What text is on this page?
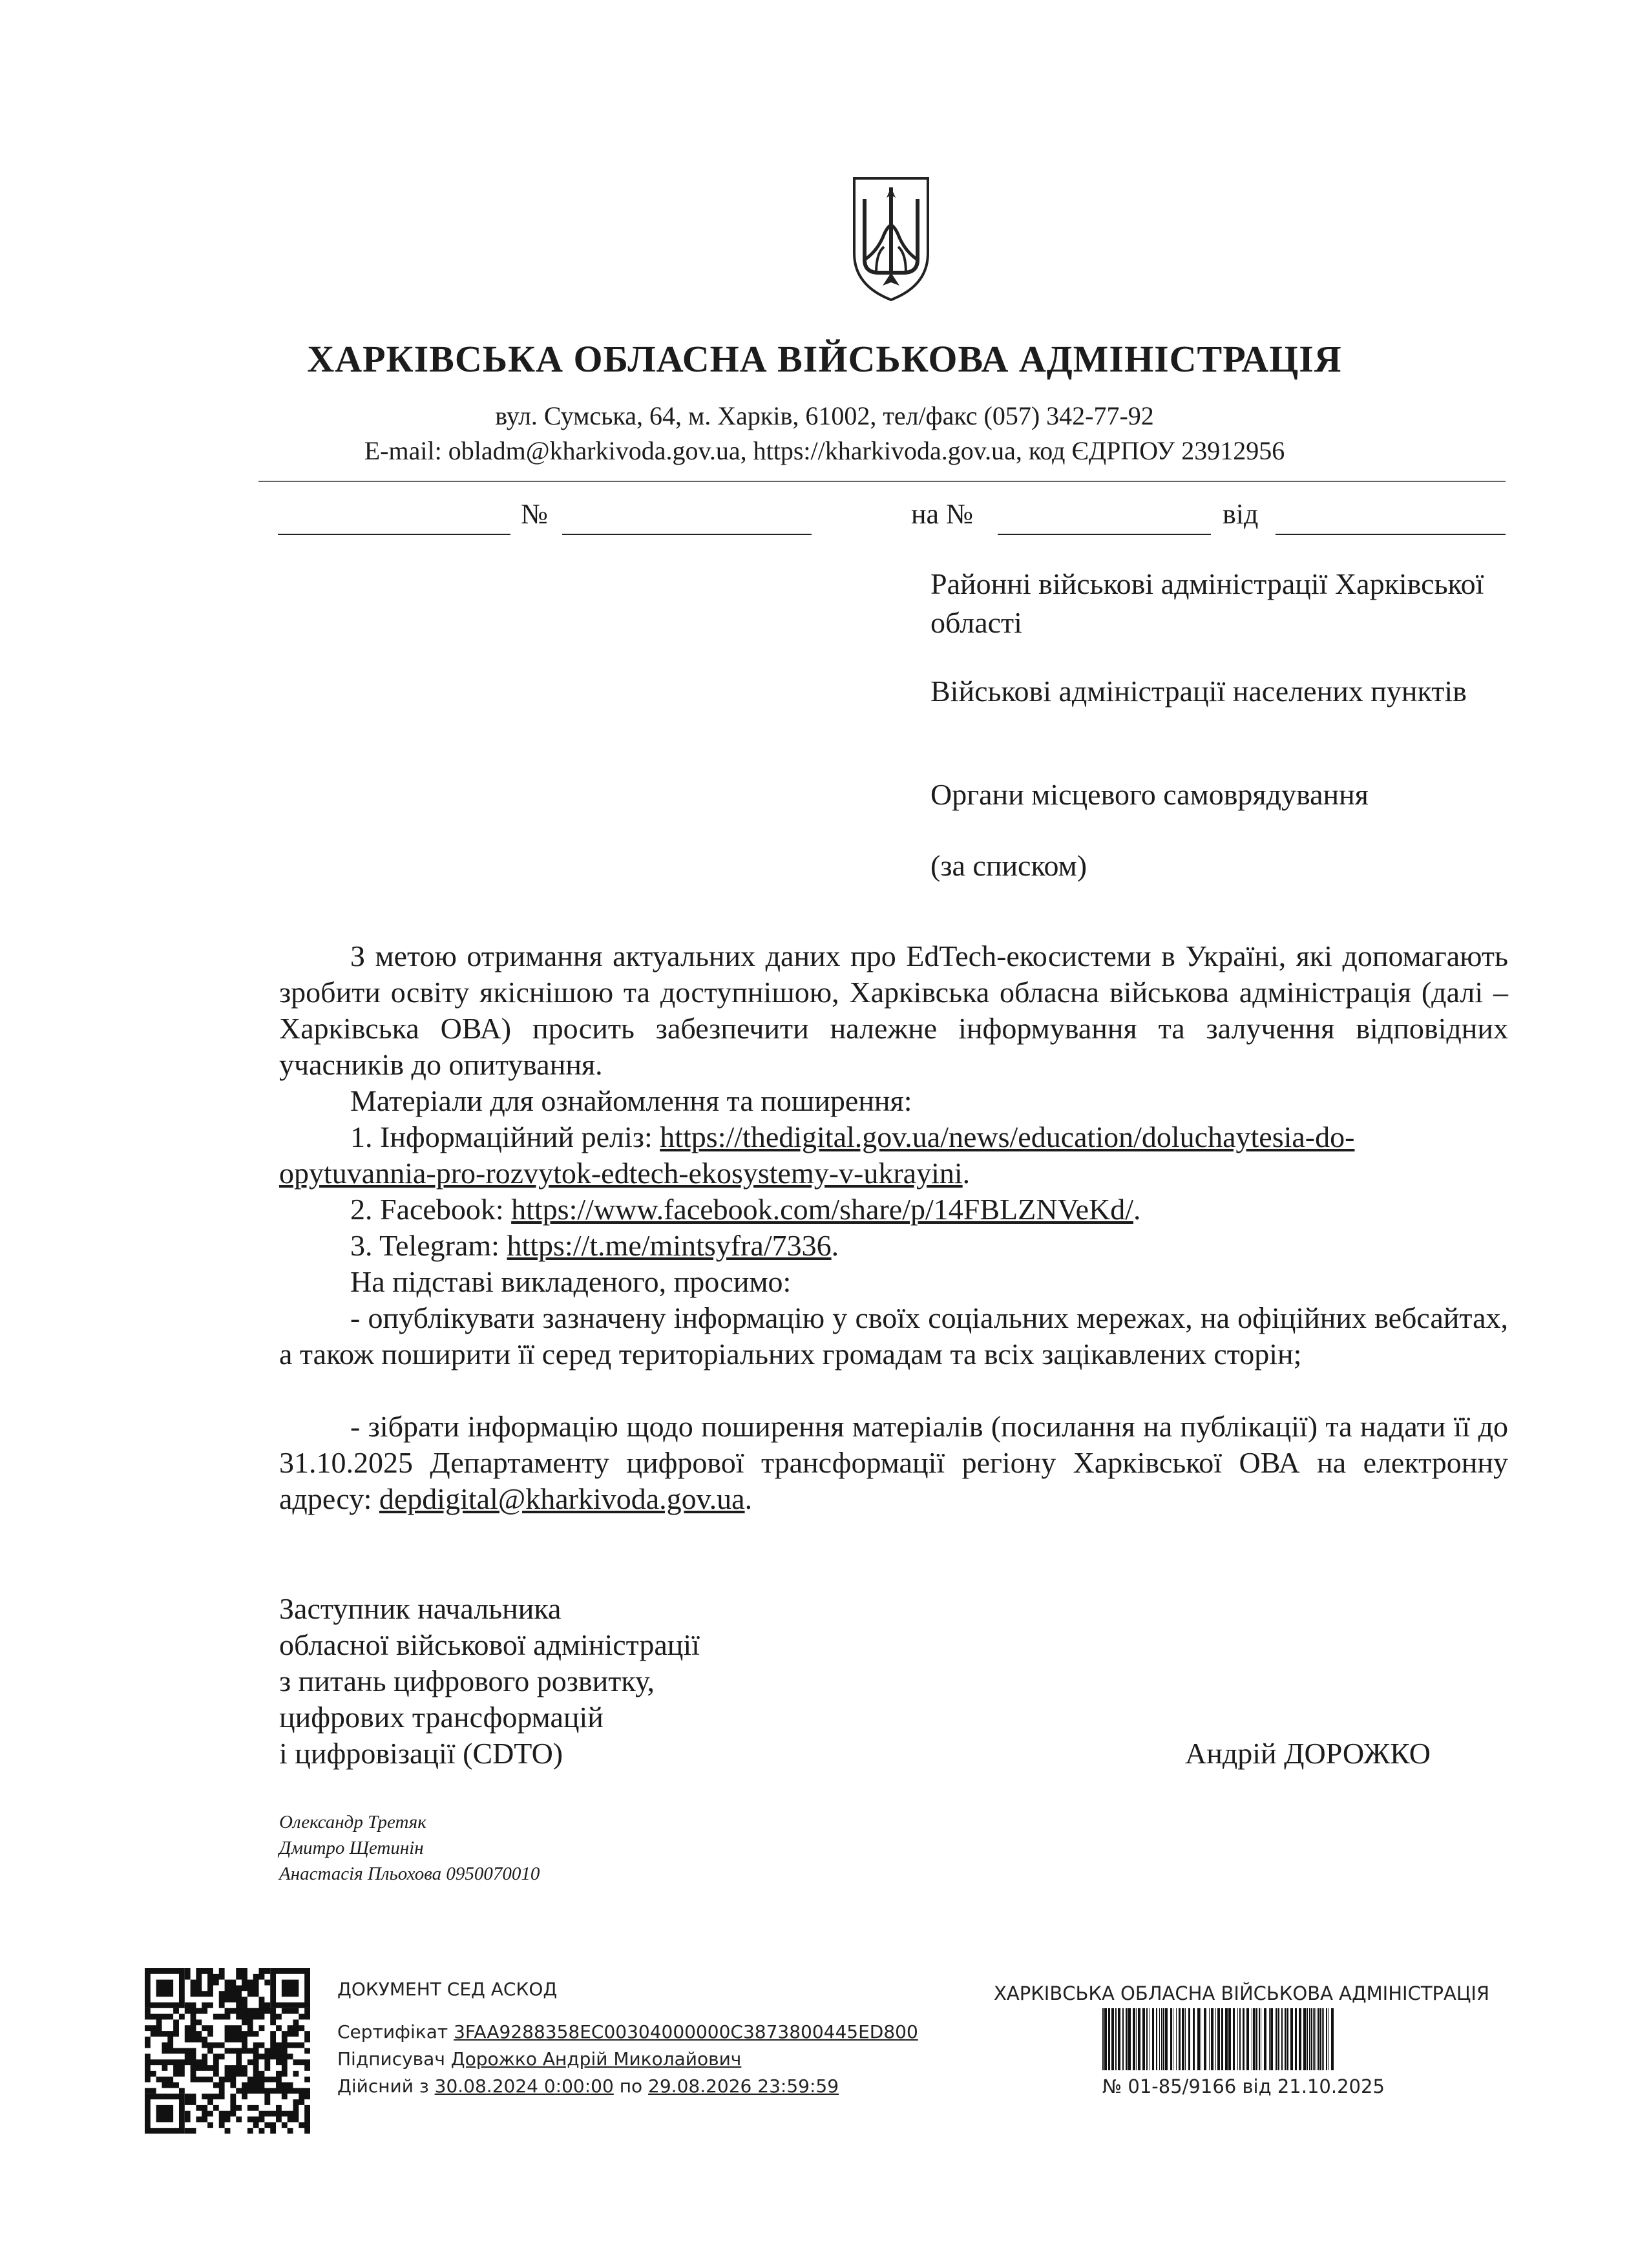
ХАРКІВСЬКА ОБЛАСНА ВІЙСЬКОВА АДМІНІСТРАЦІЯ
вул. Сумська, 64, м. Харків, 61002, тел/факс (057) 342-77-92
E-mail: obladm@kharkivoda.gov.ua, https://kharkivoda.gov.ua, код ЄДРПОУ 23912956
№	на №	від
Районні військові адміністрації Харківської області
Військові адміністрації населених пунктів
Органи місцевого самоврядування
(за списком)
З метою отримання актуальних даних про EdTech-екосистеми в Україні, які допомагають зробити освіту якіснішою та доступнішою, Харківська обласна військова адміністрація (далі – Харківська ОВА) просить забезпечити належне інформування та залучення відповідних учасників до опитування.
Матеріали для ознайомлення та поширення:
1. Інформаційний реліз: https://thedigital.gov.ua/news/education/doluchaytesia-do-
opytuvannia-pro-rozvytok-edtech-ekosystemy-v-ukrayini.
2. Facebook: https://www.facebook.com/share/p/14FBLZNVeKd/.
3. Telegram: https://t.me/mintsyfra/7336.
На підставі викладеного, просимо:
- опублікувати зазначену інформацію у своїх соціальних мережах, на офіційних вебсайтах, а також поширити її серед територіальних громадам та всіх зацікавлених сторін;
- зібрати інформацію щодо поширення матеріалів (посилання на публікації) та надати її до 31.10.2025 Департаменту цифрової трансформації регіону Харківської ОВА на електронну адресу: depdigital@kharkivoda.gov.ua.
Заступник начальника
обласної військової адміністрації
з питань цифрового розвитку,
цифрових трансформацій
і цифровізації (CDTO)	Андрій ДОРОЖКО
Олександр Третяк
Дмитро Щетинін
Анастасія Пльохова 0950070010
ДОКУМЕНТ СЕД АСКОД
Сертифікат 3FAA9288358EC00304000000C3873800445ED800
Підписувач Дорожко Андрій Миколайович
Дійсний з 30.08.2024 0:00:00 по 29.08.2026 23:59:59
ХАРКІВСЬКА ОБЛАСНА ВІЙСЬКОВА АДМІНІСТРАЦІЯ
№ 01-85/9166 від 21.10.2025
